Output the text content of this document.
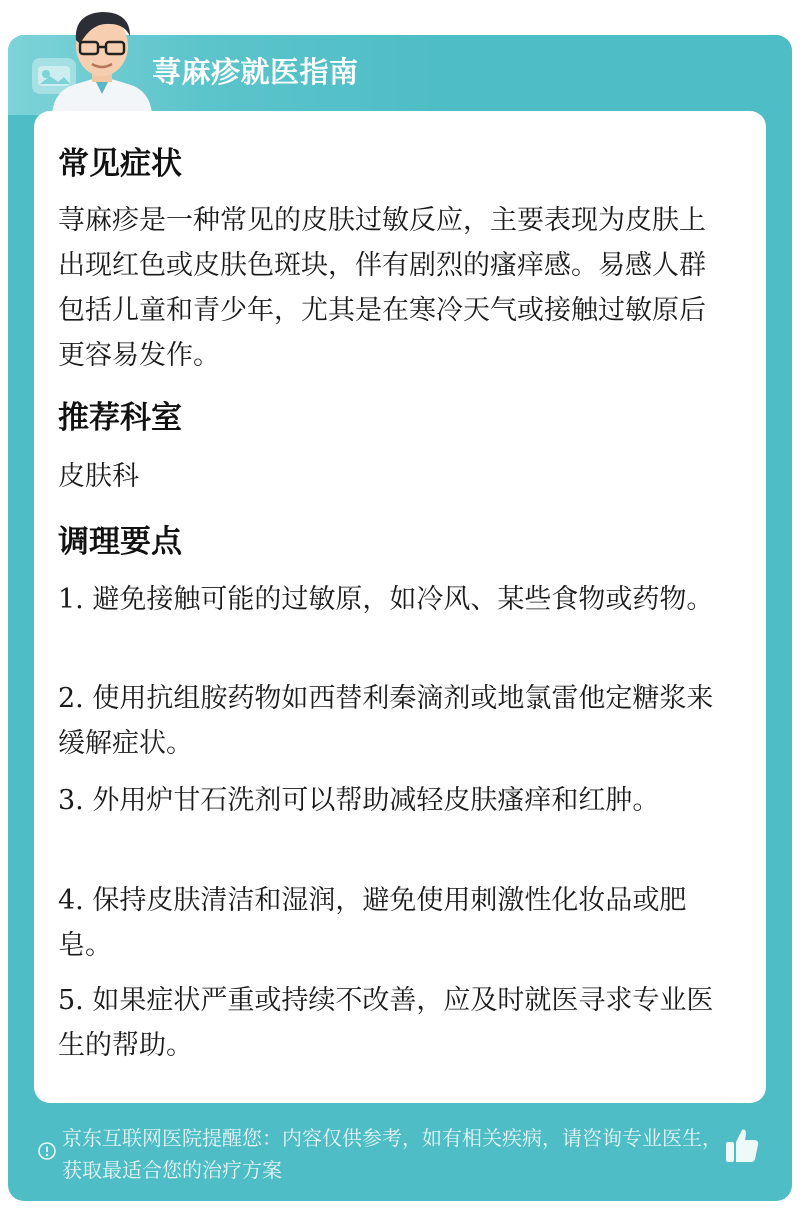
荨麻疹就医指南
常见症状
荨麻疹是一种常见的皮肤过敏反应，主要表现为皮肤上出现红色或皮肤色斑块，伴有剧烈的瘙痒感。易感人群包括儿童和青少年，尤其是在寒冷天气或接触过敏原后更容易发作。
推荐科室
皮肤科
调理要点
1. 避免接触可能的过敏原，如冷风、某些食物或药物。
2. 使用抗组胺药物如西替利秦滴剂或地氯雷他定糖浆来缓解症状。
3. 外用炉甘石洗剂可以帮助减轻皮肤瘙痒和红肿。
4. 保持皮肤清洁和湿润，避免使用刺激性化妆品或肥皂。
5. 如果症状严重或持续不改善，应及时就医寻求专业医生的帮助。
京东互联网医院提醒您：内容仅供参考，如有相关疾病，请咨询专业医生，获取最适合您的治疗方案
